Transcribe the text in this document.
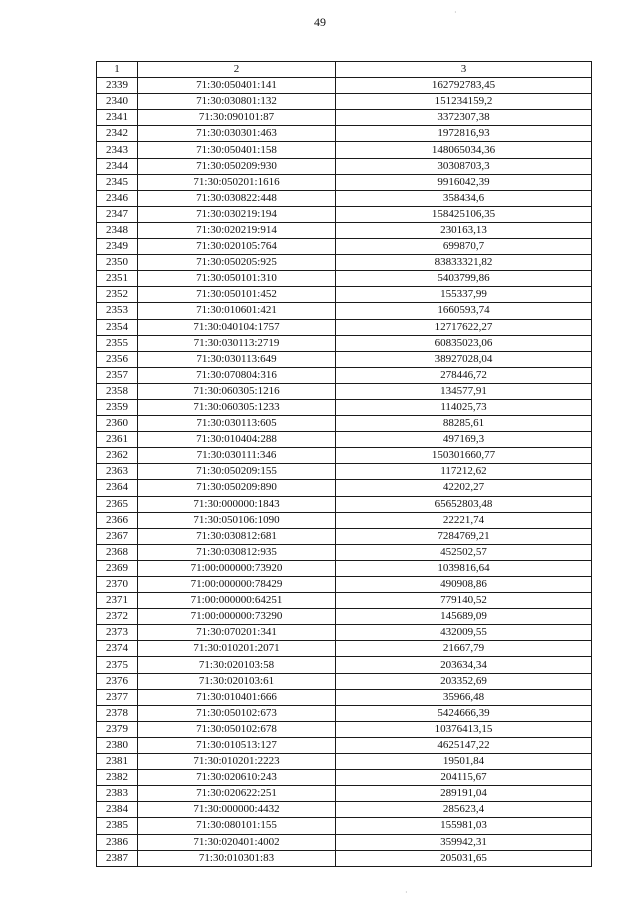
49
·
·
1	2	3
2339	71:30:050401:141	162792783,45
2340	71:30:030801:132	151234159,2
2341	71:30:090101:87	3372307,38
2342	71:30:030301:463	1972816,93
2343	71:30:050401:158	148065034,36
2344	71:30:050209:930	30308703,3
2345	71:30:050201:1616	9916042,39
2346	71:30:030822:448	358434,6
2347	71:30:030219:194	158425106,35
2348	71:30:020219:914	230163,13
2349	71:30:020105:764	699870,7
2350	71:30:050205:925	83833321,82
2351	71:30:050101:310	5403799,86
2352	71:30:050101:452	155337,99
2353	71:30:010601:421	1660593,74
2354	71:30:040104:1757	12717622,27
2355	71:30:030113:2719	60835023,06
2356	71:30:030113:649	38927028,04
2357	71:30:070804:316	278446,72
2358	71:30:060305:1216	134577,91
2359	71:30:060305:1233	114025,73
2360	71:30:030113:605	88285,61
2361	71:30:010404:288	497169,3
2362	71:30:030111:346	150301660,77
2363	71:30:050209:155	117212,62
2364	71:30:050209:890	42202,27
2365	71:30:000000:1843	65652803,48
2366	71:30:050106:1090	22221,74
2367	71:30:030812:681	7284769,21
2368	71:30:030812:935	452502,57
2369	71:00:000000:73920	1039816,64
2370	71:00:000000:78429	490908,86
2371	71:00:000000:64251	779140,52
2372	71:00:000000:73290	145689,09
2373	71:30:070201:341	432009,55
2374	71:30:010201:2071	21667,79
2375	71:30:020103:58	203634,34
2376	71:30:020103:61	203352,69
2377	71:30:010401:666	35966,48
2378	71:30:050102:673	5424666,39
2379	71:30:050102:678	10376413,15
2380	71:30:010513:127	4625147,22
2381	71:30:010201:2223	19501,84
2382	71:30:020610:243	204115,67
2383	71:30:020622:251	289191,04
2384	71:30:000000:4432	285623,4
2385	71:30:080101:155	155981,03
2386	71:30:020401:4002	359942,31
2387	71:30:010301:83	205031,65
